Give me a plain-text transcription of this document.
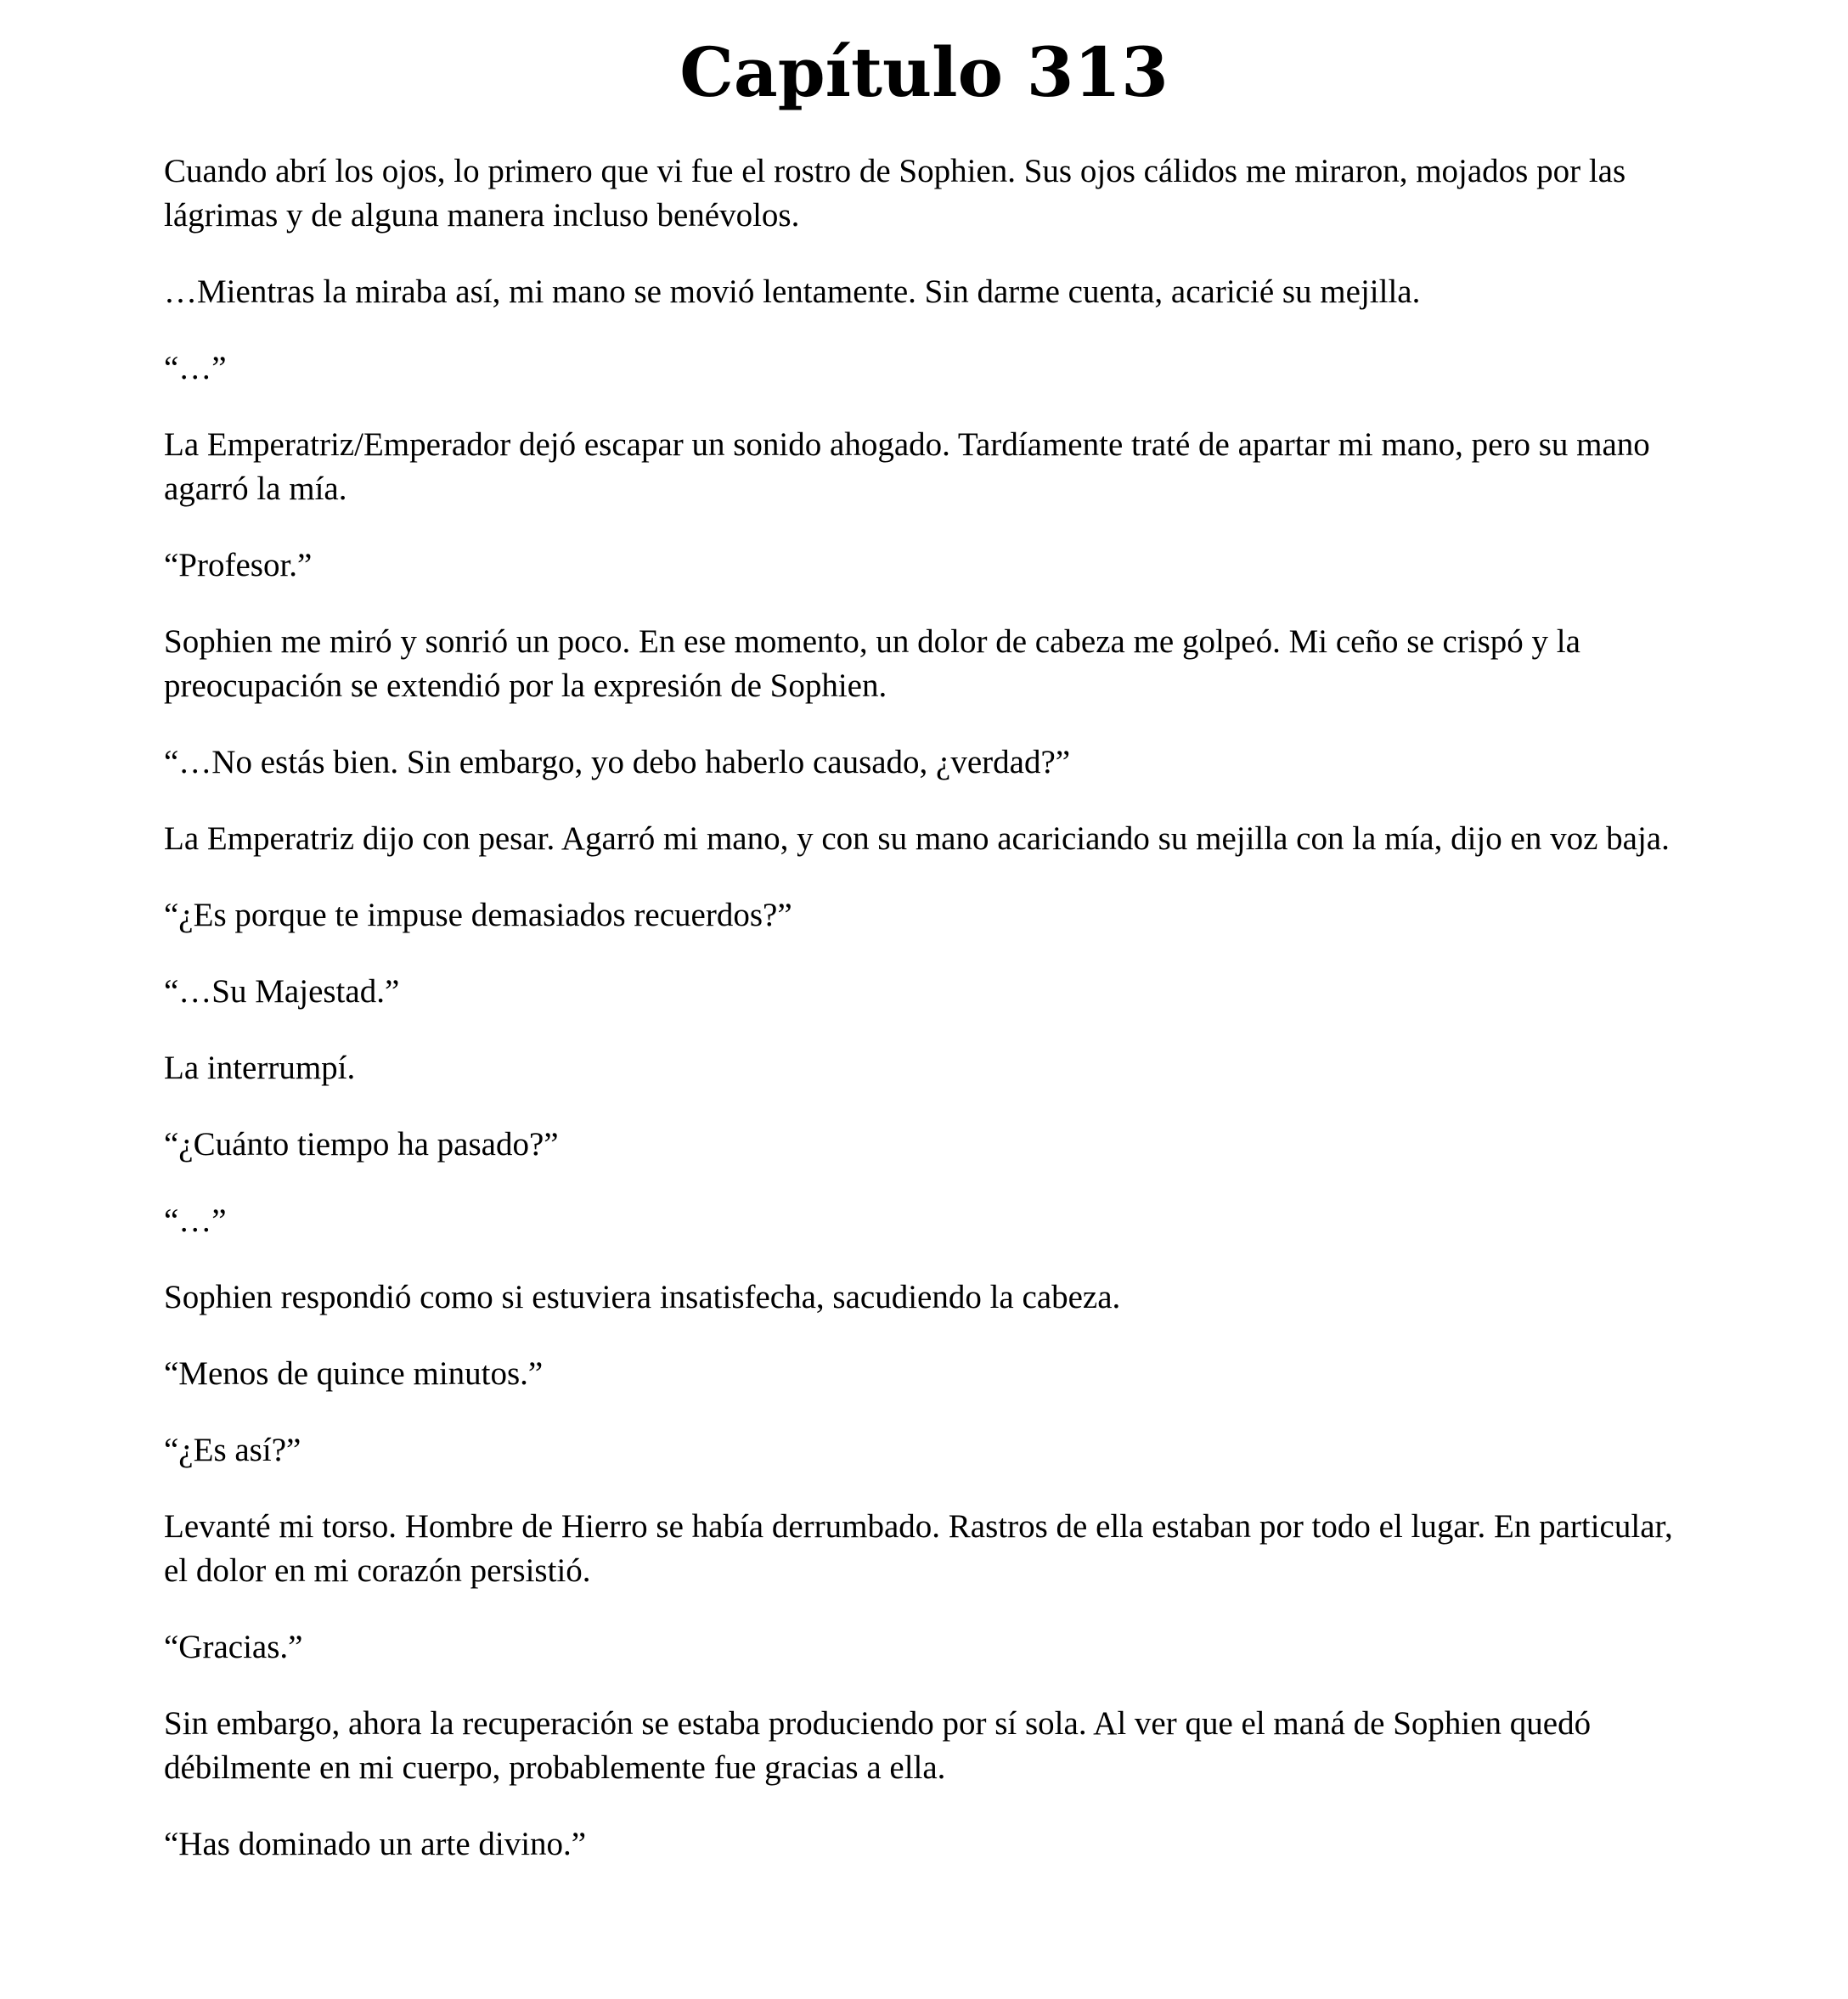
Capítulo 313

Cuando abrí los ojos, lo primero que vi fue el rostro de Sophien. Sus ojos cálidos me miraron, mojados por las lágrimas y de alguna manera incluso benévolos.

…Mientras la miraba así, mi mano se movió lentamente. Sin darme cuenta, acaricié su mejilla.

“…”

La Emperatriz/Emperador dejó escapar un sonido ahogado. Tardíamente traté de apartar mi mano, pero su mano agarró la mía.

“Profesor.”

Sophien me miró y sonrió un poco. En ese momento, un dolor de cabeza me golpeó. Mi ceño se crispó y la preocupación se extendió por la expresión de Sophien.

“…No estás bien. Sin embargo, yo debo haberlo causado, ¿verdad?”

La Emperatriz dijo con pesar. Agarró mi mano, y con su mano acariciando su mejilla con la mía, dijo en voz baja.

“¿Es porque te impuse demasiados recuerdos?”

“…Su Majestad.”

La interrumpí.

“¿Cuánto tiempo ha pasado?”

“…”

Sophien respondió como si estuviera insatisfecha, sacudiendo la cabeza.

“Menos de quince minutos.”

“¿Es así?”

Levanté mi torso. Hombre de Hierro se había derrumbado. Rastros de ella estaban por todo el lugar. En particular, el dolor en mi corazón persistió.

“Gracias.”

Sin embargo, ahora la recuperación se estaba produciendo por sí sola. Al ver que el maná de Sophien quedó débilmente en mi cuerpo, probablemente fue gracias a ella.

“Has dominado un arte divino.”
